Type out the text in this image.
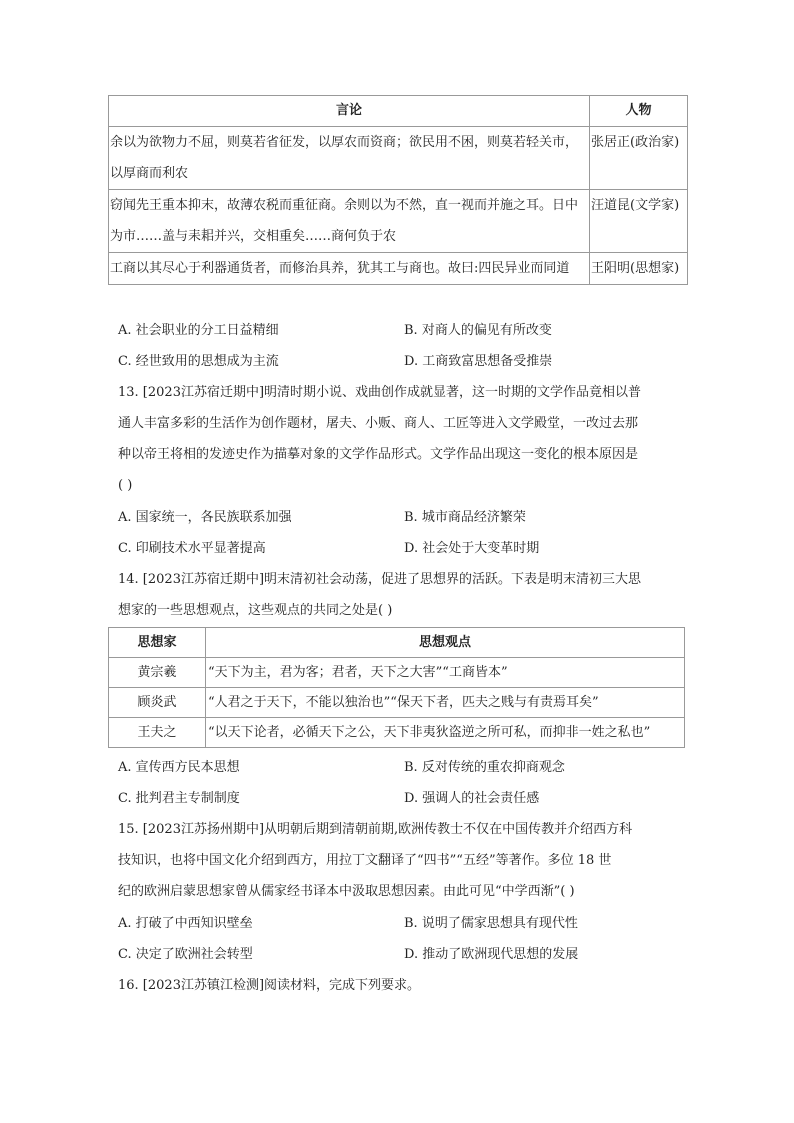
言论	人物
余以为欲物力不屈，则莫若省征发，以厚农而资商；欲民用不困，则莫若轻关市，以厚商而利农	张居正(政治家)
窃闻先王重本抑末，故薄农税而重征商。余则以为不然，直一视而并施之耳。日中为市……盖与耒耜并兴，交相重矣……商何负于农	汪道昆(文学家)
工商以其尽心于利器通货者，而修治具养，犹其工与商也。故曰:四民异业而同道	王阳明(思想家)
A. 社会职业的分工日益精细	B. 对商人的偏见有所改变
C. 经世致用的思想成为主流	D. 工商致富思想备受推崇
13. [2023江苏宿迁期中]明清时期小说、戏曲创作成就显著，这一时期的文学作品竟相以普
通人丰富多彩的生活作为创作题材，屠夫、小贩、商人、工匠等进入文学殿堂，一改过去那
种以帝王将相的发迹史作为描摹对象的文学作品形式。文学作品出现这一变化的根本原因是
( )
A. 国家统一，各民族联系加强	B. 城市商品经济繁荣
C. 印刷技术水平显著提高	D. 社会处于大变革时期
14. [2023江苏宿迁期中]明末清初社会动荡，促进了思想界的活跃。下表是明末清初三大思
想家的一些思想观点，这些观点的共同之处是( )
思想家	思想观点
黄宗羲	“天下为主，君为客；君者，天下之大害”“工商皆本”
顾炎武	“人君之于天下，不能以独治也”“保天下者，匹夫之贱与有责焉耳矣”
王夫之	“以天下论者，必循天下之公，天下非夷狄盗逆之所可私，而抑非一姓之私也”
A. 宣传西方民本思想	B. 反对传统的重农抑商观念
C. 批判君主专制制度	D. 强调人的社会责任感
15. [2023江苏扬州期中]从明朝后期到清朝前期,欧洲传教士不仅在中国传教并介绍西方科
技知识，也将中国文化介绍到西方，用拉丁文翻译了“四书”“五经”等著作。多位 18 世
纪的欧洲启蒙思想家曾从儒家经书译本中汲取思想因素。由此可见“中学西渐”( )
A. 打破了中西知识壁垒	B. 说明了儒家思想具有现代性
C. 决定了欧洲社会转型	D. 推动了欧洲现代思想的发展
16. [2023江苏镇江检测]阅读材料，完成下列要求。
